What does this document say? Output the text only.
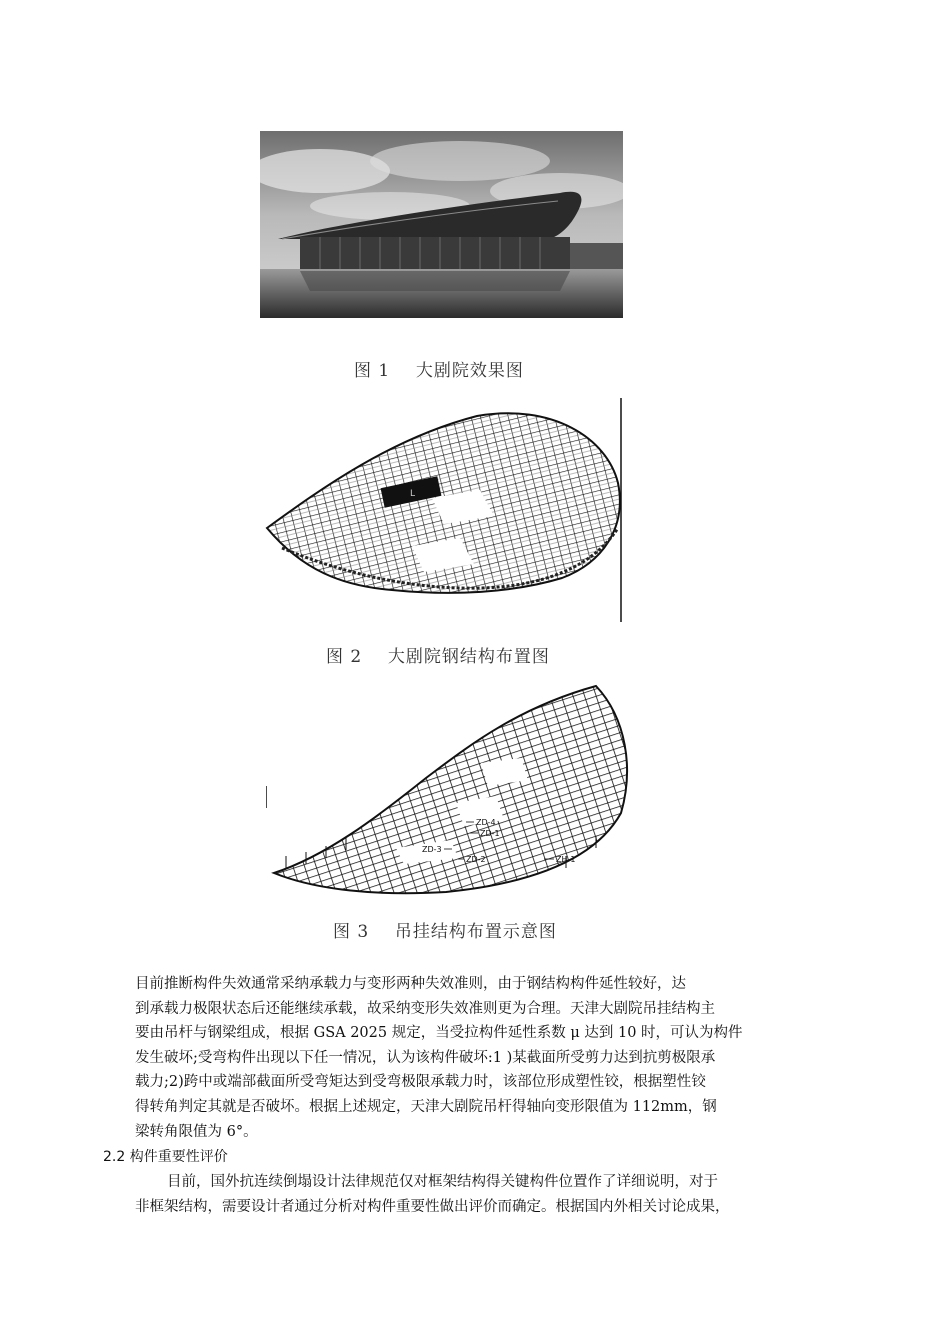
图 1    大剧院效果图
L
图 2    大剧院钢结构布置图
ZD-4
ZD-1
ZD-3
ZD-2	ZH-1
图 3    吊挂结构布置示意图

目前推断构件失效通常采纳承载力与变形两种失效准则，由于钢结构构件延性较好，达

到承载力极限状态后还能继续承载，故采纳变形失效准则更为合理。天津大剧院吊挂结构主

要由吊杆与钢梁组成，根据 GSA 2025 规定，当受拉构件延性系数 μ 达到 10 时，可认为构件

发生破坏;受弯构件出现以下任一情况，认为该构件破坏:1 )某截面所受剪力达到抗剪极限承

载力;2)跨中或端部截面所受弯矩达到受弯极限承载力时，该部位形成塑性铰，根据塑性铰

得转角判定其就是否破坏。根据上述规定，天津大剧院吊杆得轴向变形限值为 112mm，钢

梁转角限值为 6°。

2.2 构件重要性评价

目前，国外抗连续倒塌设计法律规范仅对框架结构得关键构件位置作了详细说明，对于

非框架结构，需要设计者通过分析对构件重要性做出评价而确定。根据国内外相关讨论成果，
